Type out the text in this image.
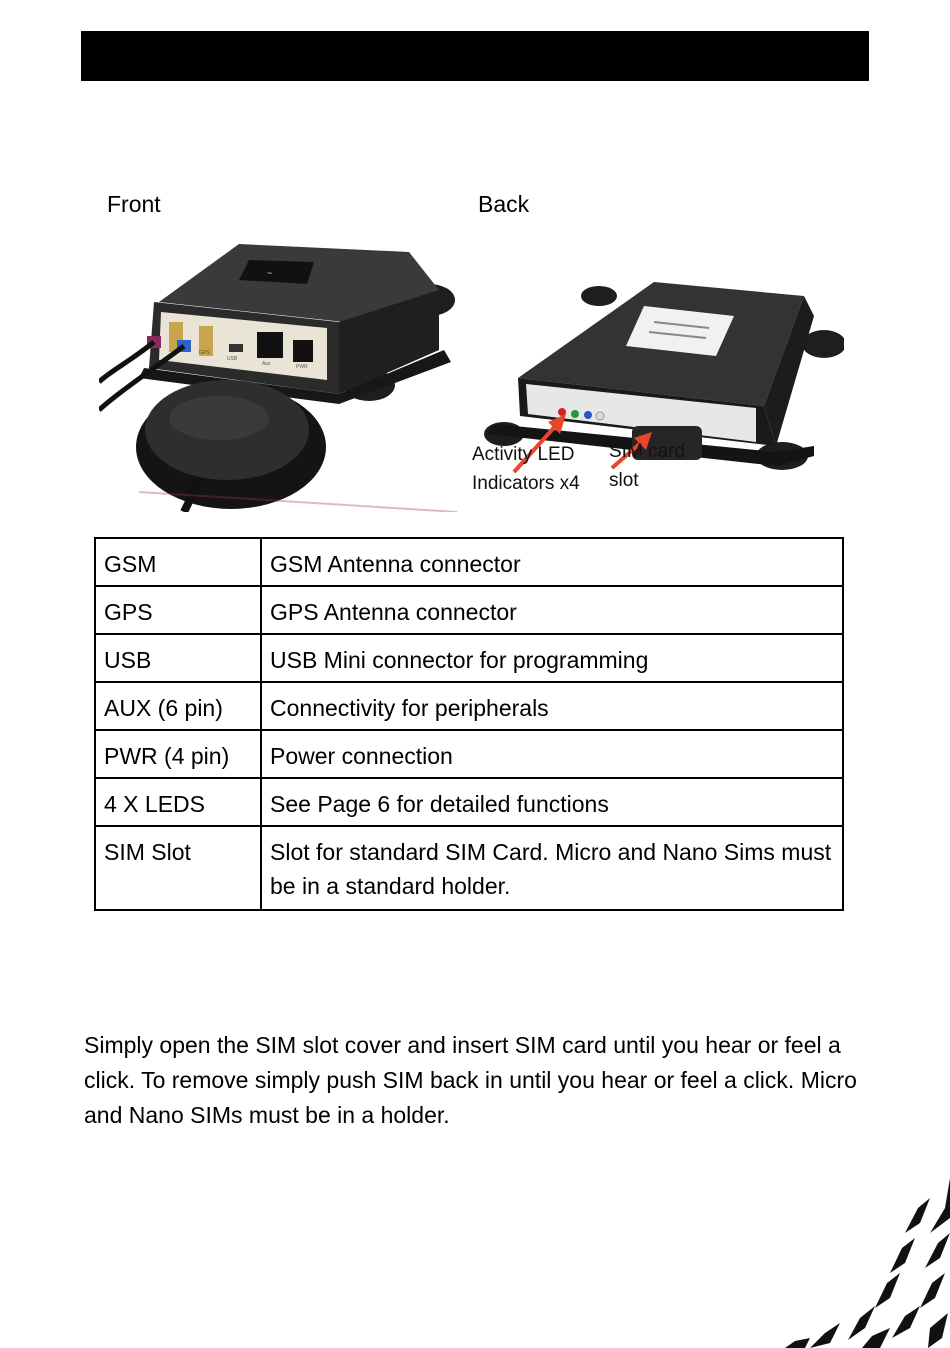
Front	Back
~
GPS
USB
Aux	PWR
Activity LED
Indicators x4
SIM card
slot
GSM	GSM Antenna connector
GPS	GPS Antenna connector
USB	USB Mini connector for programming
AUX (6 pin)	Connectivity for peripherals
PWR (4 pin)	Power connection
4 X LEDS	See Page 6 for detailed functions
SIM Slot	Slot for standard SIM Card. Micro and Nano Sims must be in a standard holder.
Simply open the SIM slot cover and insert SIM card until you hear or feel a click. To remove simply push SIM back in until you hear or feel a click. Micro and Nano SIMs must be in a holder.
